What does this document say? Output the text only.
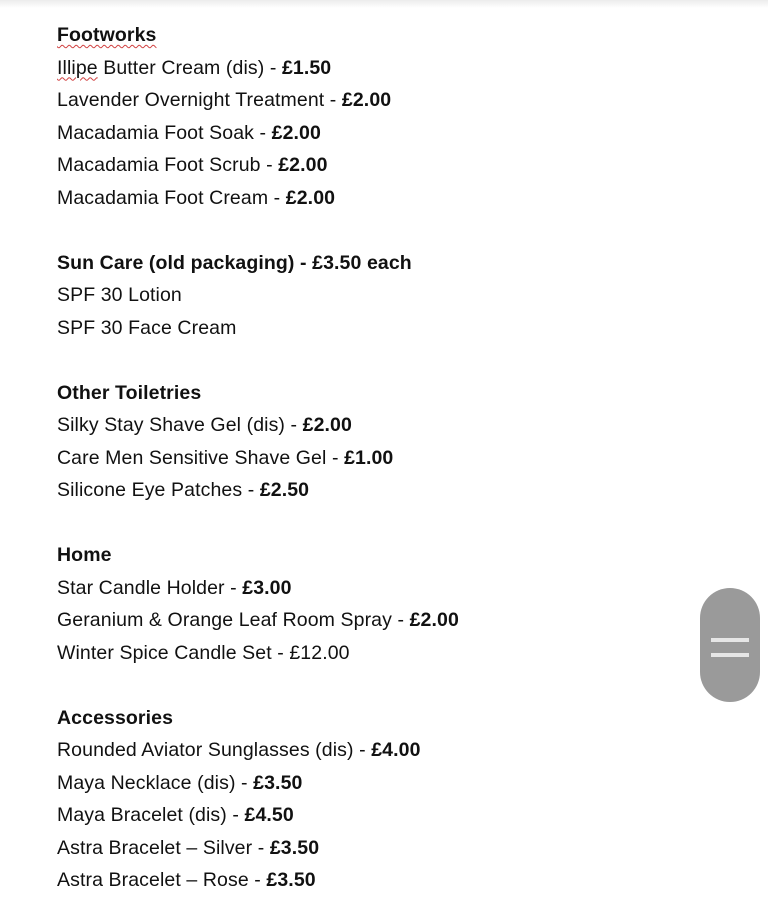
Footworks
Illipe Butter Cream (dis) - £1.50
Lavender Overnight Treatment - £2.00
Macadamia Foot Soak - £2.00
Macadamia Foot Scrub - £2.00
Macadamia Foot Cream - £2.00
Sun Care (old packaging) - £3.50 each
SPF 30 Lotion
SPF 30 Face Cream
Other Toiletries
Silky Stay Shave Gel (dis) - £2.00
Care Men Sensitive Shave Gel - £1.00
Silicone Eye Patches - £2.50
Home
Star Candle Holder - £3.00
Geranium & Orange Leaf Room Spray - £2.00
Winter Spice Candle Set - £12.00
Accessories
Rounded Aviator Sunglasses (dis) - £4.00
Maya Necklace (dis) - £3.50
Maya Bracelet (dis) - £4.50
Astra Bracelet – Silver - £3.50
Astra Bracelet – Rose - £3.50
